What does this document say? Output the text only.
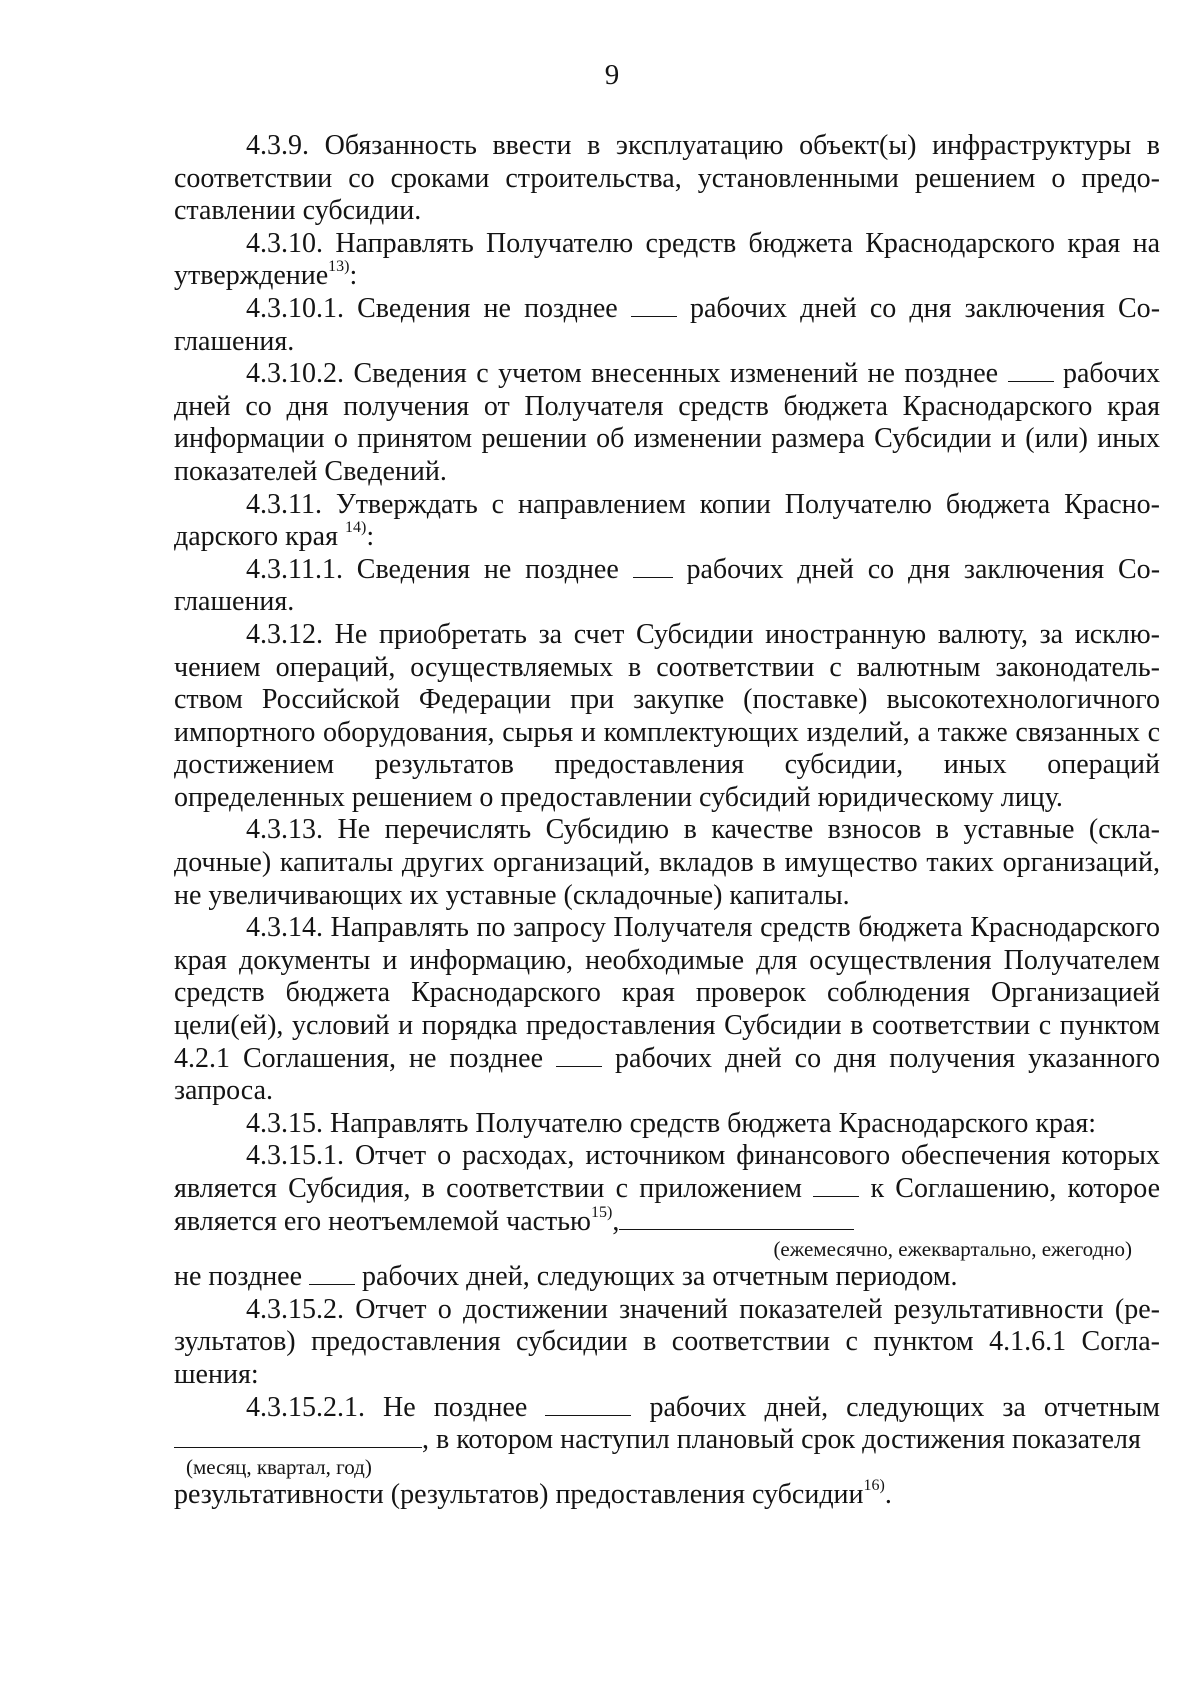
9

4.3.9. Обязанность ввести в эксплуатацию объект(ы) инфраструктуры в соответствии со сроками строительства, установленными решением о предоставлении субсидии.

4.3.10. Направлять Получателю средств бюджета Краснодарского края на утверждение$^{13)}$:

4.3.10.1. Сведения не позднее	рабочих дней со дня заключения Соглашения.

4.3.10.2. Сведения с учетом внесенных изменений не позднее рабочих дней со дня получения от Получателя средств бюджета Краснодарского края информации о принятом решении об изменении размера Субсидии и (или) иных показателей Сведений.

4.3.11. Утверждать с направлением копии Получателю бюджета Краснодарского края $^{14)}$:

4.3.11.1. Сведения не позднее рабочих дней со дня заключения Соглашения.

4.3.12. Не приобретать за счет Субсидии иностранную валюту, за исключением операций, осуществляемых в соответствии с валютным законодательством Российской Федерации при закупке (поставке) высокотехнологичного импортного оборудования, сырья и комплектующих изделий, а также связанных с достижением результатов предоставления субсидии, иных операций определенных решением о предоставлении субсидий юридическому лицу.

4.3.13. Не перечислять Субсидию в качестве взносов в уставные (складочные) капиталы других организаций, вкладов в имущество таких организаций, не увеличивающих их уставные (складочные) капиталы.

4.3.14. Направлять по запросу Получателя средств бюджета Краснодарского края документы и информацию, необходимые для осуществления Получателем средств бюджета Краснодарского края проверок соблюдения Организацией цели(ей), условий и порядка предоставления Субсидии в соответствии с пунктом 4.2.1 Соглашения, не позднее	рабочих дней со дня получения указанного запроса.

4.3.15. Направлять Получателю средств бюджета Краснодарского края:

4.3.15.1. Отчет о расходах, источником финансового обеспечения которых является Субсидия, в соответствии с приложением к Соглашению, которое является его неотъемлемой частью$^{15)}$,
(ежемесячно, ежеквартально, ежегодно)
не позднее рабочих дней, следующих за отчетным периодом.

4.3.15.2. Отчет о достижении значений показателей результативности (результатов) предоставления субсидии в соответствии с пунктом 4.1.6.1 Соглашения:

4.3.15.2.1. Не позднее	рабочих дней, следующих за отчетным, в котором наступил плановый срок достижения показателя
(месяц, квартал, год)
результативности (результатов) предоставления субсидии$^{16)}$.
